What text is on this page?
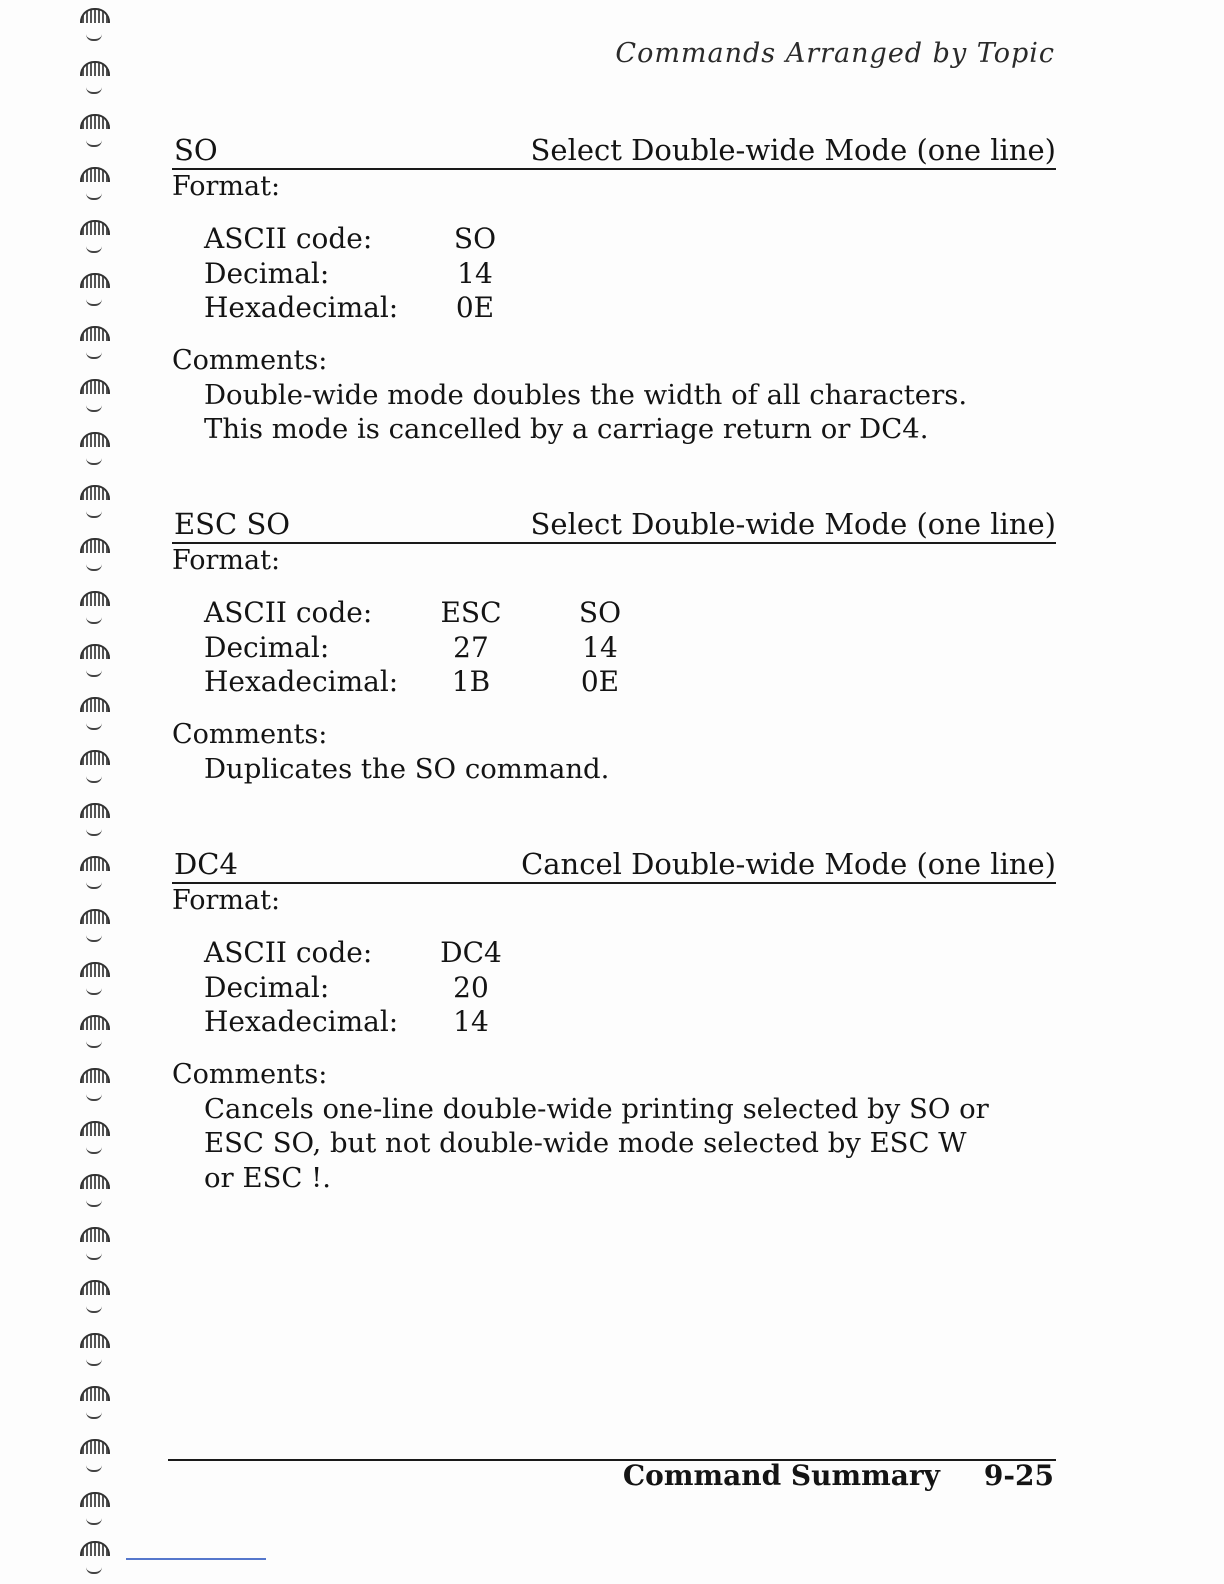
Commands Arranged by Topic
SO	Select Double-wide Mode (one line)
Format:
ASCII code:	SO
Decimal:	14
Hexadecimal:	0E
Comments:
Double-wide mode doubles the width of all characters. This mode is cancelled by a carriage return or DC4.
ESC SO	Select Double-wide Mode (one line)
Format:
ASCII code:	ESC	SO
Decimal:	27	14
Hexadecimal:	1B	0E
Comments:
Duplicates the SO command.
DC4	Cancel Double-wide Mode (one line)
Format:
ASCII code:	DC4
Decimal:	20
Hexadecimal:	14
Comments:
Cancels one-line double-wide printing selected by SO or ESC SO, but not double-wide mode selected by ESC W or ESC !.
Command Summary 9-25
